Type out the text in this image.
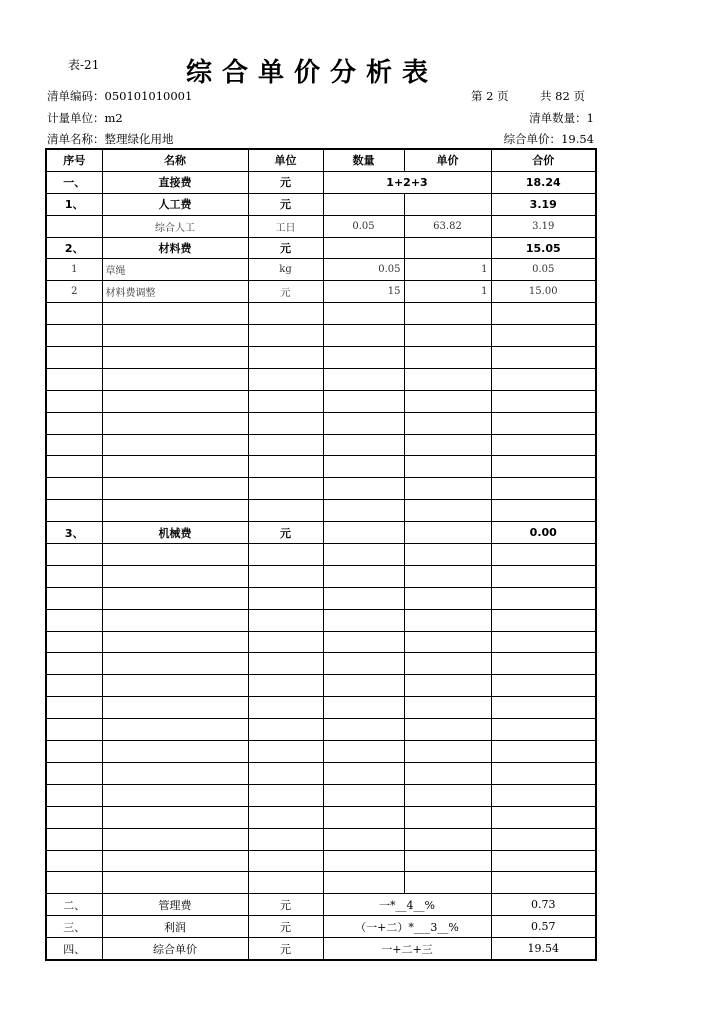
表-21	综合单价分析表
清单编码：050101010001	第 2 页	共 82 页
计量单位：m2	清单数量：1
清单名称：整理绿化用地	综合单价：19.54
序号	名称	单位	数量	单价	合价
一、	直接费	元	1+2+3		18.24
1、	人工费	元			3.19
	综合人工	工日	0.05	63.82	3.19
2、	材料费	元			15.05
1	草绳	kg	0.05	1	0.05
2	材料费调整	元	15	1	15.00

3、	机械费	元			0.00

二、	管理费	元	一*__4__%		0.73
三、	利润	元	（一+二）*___3__%		0.57
四、	综合单价	元	一+二+三		19.54
